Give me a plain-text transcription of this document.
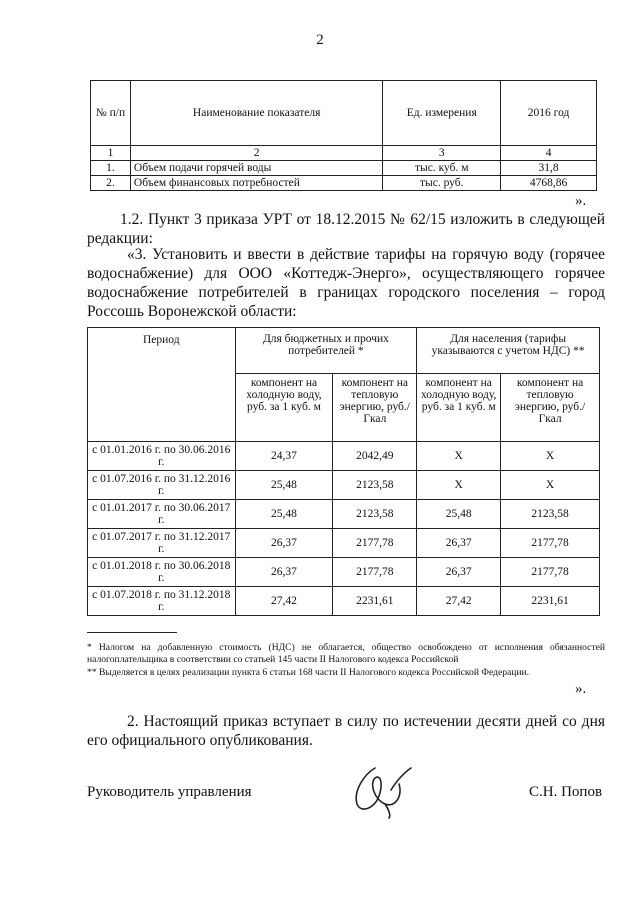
2
№ п/п	Наименование показателя	Ед. измерения	2016 год
1	2	3	4
1.	Объем подачи горячей воды	тыс. куб. м	31,8
2.	Объем финансовых потребностей	тыс. руб.	4768,86
».
1.2. Пункт 3 приказа УРТ от 18.12.2015 № 62/15 изложить в следующей
редакции:
«3. Установить и ввести в действие тарифы на горячую воду (горячее водоснабжение) для ООО «Коттедж-Энерго», осуществляющего горячее водоснабжение потребителей в границах городского поселения – город Россошь Воронежской области:
Период	Для бюджетных и прочих потребителей *		Для населения (тарифы указываются с учетом НДС) **	
	компонент на холодную воду, руб. за 1 куб. м	компонент на тепловую энергию, руб./Гкал	компонент на холодную воду, руб. за 1 куб. м	компонент на тепловую энергию, руб./Гкал
с 01.01.2016 г. по 30.06.2016 г.	24,37	2042,49	X	X
с 01.07.2016 г. по 31.12.2016 г.	25,48	2123,58	X	X
с 01.01.2017 г. по 30.06.2017 г.	25,48	2123,58	25,48	2123,58
с 01.07.2017 г. по 31.12.2017 г.	26,37	2177,78	26,37	2177,78
с 01.01.2018 г. по 30.06.2018 г.	26,37	2177,78	26,37	2177,78
с 01.07.2018 г. по 31.12.2018 г.	27,42	2231,61	27,42	2231,61
* Налогом на добавленную стоимость (НДС) не облагается, общество освобождено от исполнения обязанностей налогоплательщика в соответствии со статьей 145 части II Налогового кодекса Российской
** Выделяется в целях реализации пункта 6 статьи 168 части II Налогового кодекса Российской Федерации.
».
2. Настоящий приказ вступает в силу по истечении десяти дней со дня его официального опубликования.
Руководитель управления	С.Н. Попов
